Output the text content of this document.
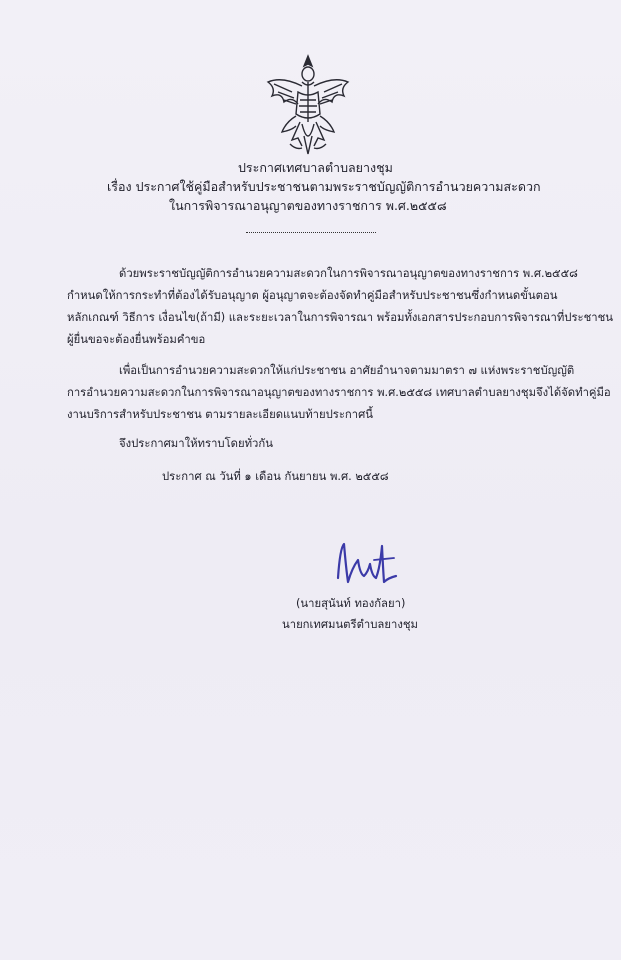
ประกาศเทศบาลตำบลยางชุม
เรื่อง ประกาศใช้คู่มือสำหรับประชาชนตามพระราชบัญญัติการอำนวยความสะดวก
ในการพิจารณาอนุญาตของทางราชการ พ.ศ.๒๕๕๘
ด้วยพระราชบัญญัติการอำนวยความสะดวกในการพิจารณาอนุญาตของทางราชการ พ.ศ.๒๕๕๘
กำหนดให้การกระทำที่ต้องได้รับอนุญาต ผู้อนุญาตจะต้องจัดทำคู่มือสำหรับประชาชนซึ่งกำหนดขั้นตอน
หลักเกณฑ์ วิธีการ เงื่อนไข(ถ้ามี) และระยะเวลาในการพิจารณา พร้อมทั้งเอกสารประกอบการพิจารณาที่ประชาชน
ผู้ยื่นขอจะต้องยื่นพร้อมคำขอ
เพื่อเป็นการอำนวยความสะดวกให้แก่ประชาชน อาศัยอำนาจตามมาตรา ๗ แห่งพระราชบัญญัติ
การอำนวยความสะดวกในการพิจารณาอนุญาตของทางราชการ พ.ศ.๒๕๕๘ เทศบาลตำบลยางชุมจึงได้จัดทำคู่มือ
งานบริการสำหรับประชาชน ตามรายละเอียดแนบท้ายประกาศนี้
จึงประกาศมาให้ทราบโดยทั่วกัน
ประกาศ ณ วันที่ ๑ เดือน กันยายน พ.ศ. ๒๕๕๘
(นายสุนันท์ ทองกัลยา)
นายกเทศมนตรีตำบลยางชุม
